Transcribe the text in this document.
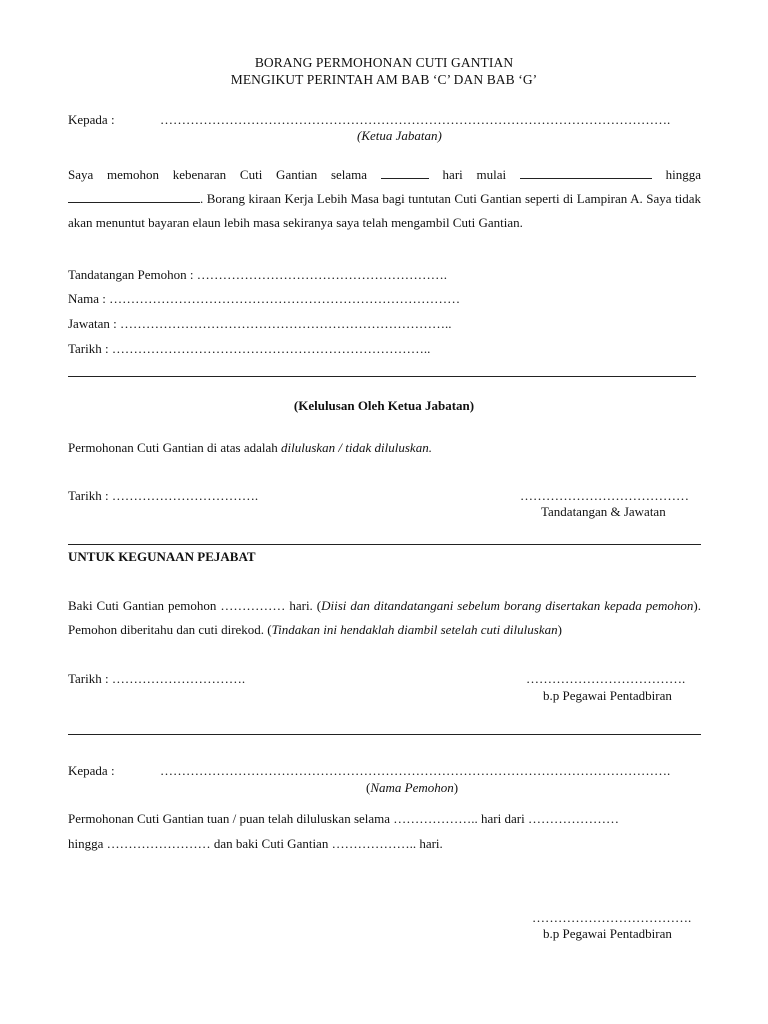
BORANG PERMOHONAN CUTI GANTIAN
MENGIKUT PERINTAH AM BAB ‘C’ DAN BAB ‘G’
Kepada :	……………………………………………………………………………………………………….
(Ketua Jabatan)
Saya memohon kebenaran Cuti Gantian selama	hari mulai	hingga . Borang kiraan Kerja Lebih Masa bagi tuntutan Cuti Gantian seperti di Lampiran A. Saya tidak akan menuntut bayaran elaun lebih masa sekiranya saya telah mengambil Cuti Gantian.
Tandatangan Pemohon : ………………………………………………….
Nama : ………………………………………………………………………
Jawatan : …………………………………………………………………..
Tarikh : ………………………………………………………………..
(Kelulusan Oleh Ketua Jabatan)
Permohonan Cuti Gantian di atas adalah diluluskan / tidak diluluskan.
Tarikh : …………………………….	…………………………………
Tandatangan & Jawatan
UNTUK KEGUNAAN PEJABAT
Baki Cuti Gantian pemohon …………… hari. (Diisi dan ditandatangani sebelum borang disertakan kepada pemohon). Pemohon diberitahu dan cuti direkod. (Tindakan ini hendaklah diambil setelah cuti diluluskan)
Tarikh : ………………………….	……………………………….
b.p Pegawai Pentadbiran
Kepada :	……………………………………………………………………………………………………….
(Nama Pemohon)
Permohonan Cuti Gantian tuan / puan telah diluluskan selama ……………….. hari dari …………………
hingga …………………… dan baki Cuti Gantian ……………….. hari.
……………………………….
b.p Pegawai Pentadbiran
